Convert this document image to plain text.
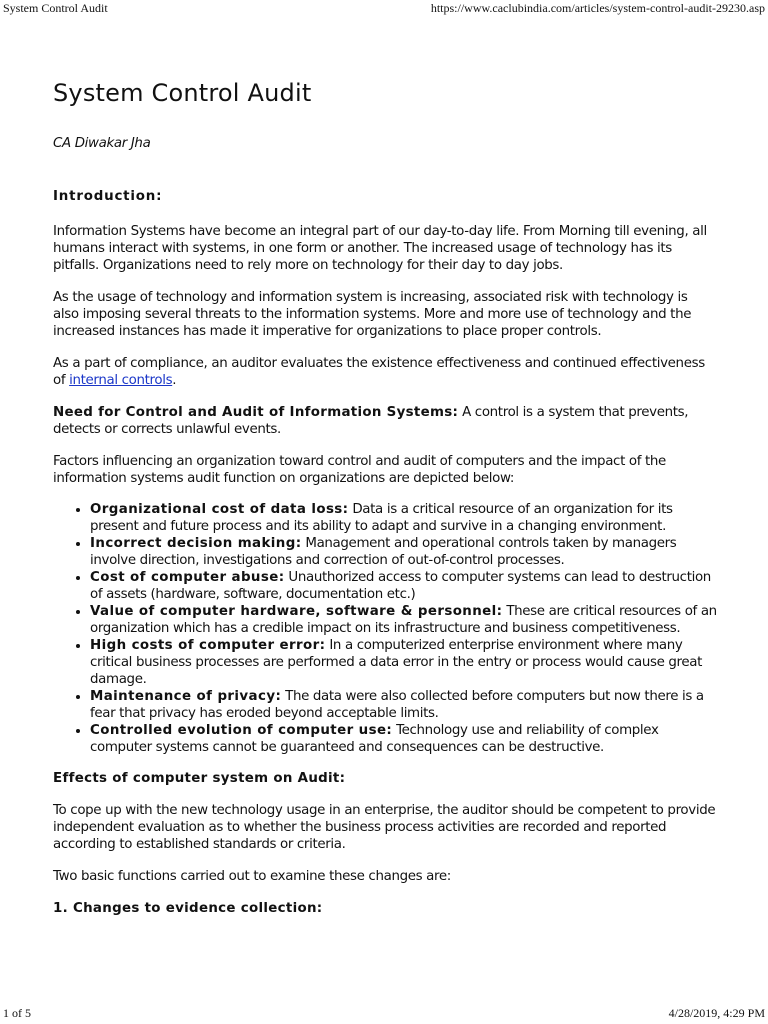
System Control Audit	https://www.caclubindia.com/articles/system-control-audit-29230.asp
System Control Audit
CA Diwakar Jha
Introduction:

Information Systems have become an integral part of our day-to-day life. From Morning till evening, all humans interact with systems, in one form or another. The increased usage of technology has its pitfalls. Organizations need to rely more on technology for their day to day jobs.

As the usage of technology and information system is increasing, associated risk with technology is also imposing several threats to the information systems. More and more use of technology and the increased instances has made it imperative for organizations to place proper controls.

As a part of compliance, an auditor evaluates the existence effectiveness and continued effectiveness of internal controls.

Need for Control and Audit of Information Systems: A control is a system that prevents, detects or corrects unlawful events.

Factors influencing an organization toward control and audit of computers and the impact of the information systems audit function on organizations are depicted below:

• Organizational cost of data loss: Data is a critical resource of an organization for its present and future process and its ability to adapt and survive in a changing environment.
• Incorrect decision making: Management and operational controls taken by managers involve direction, investigations and correction of out-of-control processes.
• Cost of computer abuse: Unauthorized access to computer systems can lead to destruction of assets (hardware, software, documentation etc.)
• Value of computer hardware, software & personnel: These are critical resources of an organization which has a credible impact on its infrastructure and business competitiveness.
• High costs of computer error: In a computerized enterprise environment where many critical business processes are performed a data error in the entry or process would cause great damage.
• Maintenance of privacy: The data were also collected before computers but now there is a fear that privacy has eroded beyond acceptable limits.
• Controlled evolution of computer use: Technology use and reliability of complex computer systems cannot be guaranteed and consequences can be destructive.
Effects of computer system on Audit:

To cope up with the new technology usage in an enterprise, the auditor should be competent to provide independent evaluation as to whether the business process activities are recorded and reported according to established standards or criteria.

Two basic functions carried out to examine these changes are:

1. Changes to evidence collection:
1 of 5	4/28/2019, 4:29 PM
